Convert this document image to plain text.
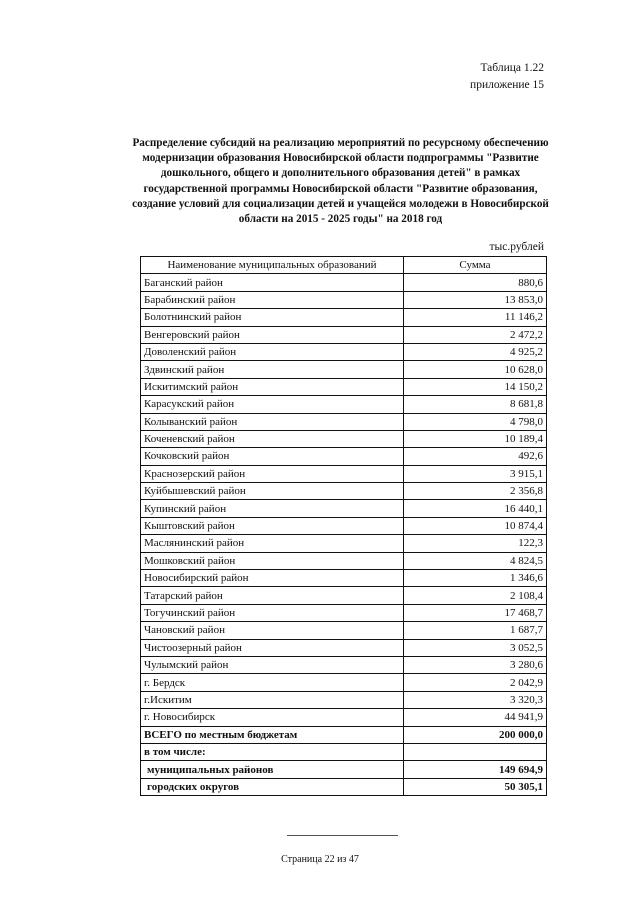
Таблица 1.22
приложение 15
Распределение субсидий на реализацию мероприятий по ресурсному обеспечению модернизации образования Новосибирской области подпрограммы "Развитие дошкольного, общего и дополнительного образования детей" в рамках государственной программы Новосибирской области "Развитие образования, создание условий для социализации детей и учащейся молодежи в Новосибирской области на 2015 - 2025 годы" на 2018 год
тыс.рублей
Наименование муниципальных образований	Сумма
Баганский район	880,6
Барабинский район	13 853,0
Болотнинский район	11 146,2
Венгеровский район	2 472,2
Доволенский район	4 925,2
Здвинский район	10 628,0
Искитимский район	14 150,2
Карасукский район	8 681,8
Колыванский район	4 798,0
Коченевский район	10 189,4
Кочковский район	492,6
Краснозерский район	3 915,1
Куйбышевский район	2 356,8
Купинский район	16 440,1
Кыштовский район	10 874,4
Маслянинский район	122,3
Мошковский район	4 824,5
Новосибирский район	1 346,6
Татарский район	2 108,4
Тогучинский район	17 468,7
Чановский район	1 687,7
Чистоозерный район	3 052,5
Чулымский район	3 280,6
г. Бердск	2 042,9
г.Искитим	3 320,3
г. Новосибирск	44 941,9
ВСЕГО по местным бюджетам	200 000,0
в том числе:	
муниципальных районов	149 694,9
городских округов	50 305,1
Страница 22 из 47
